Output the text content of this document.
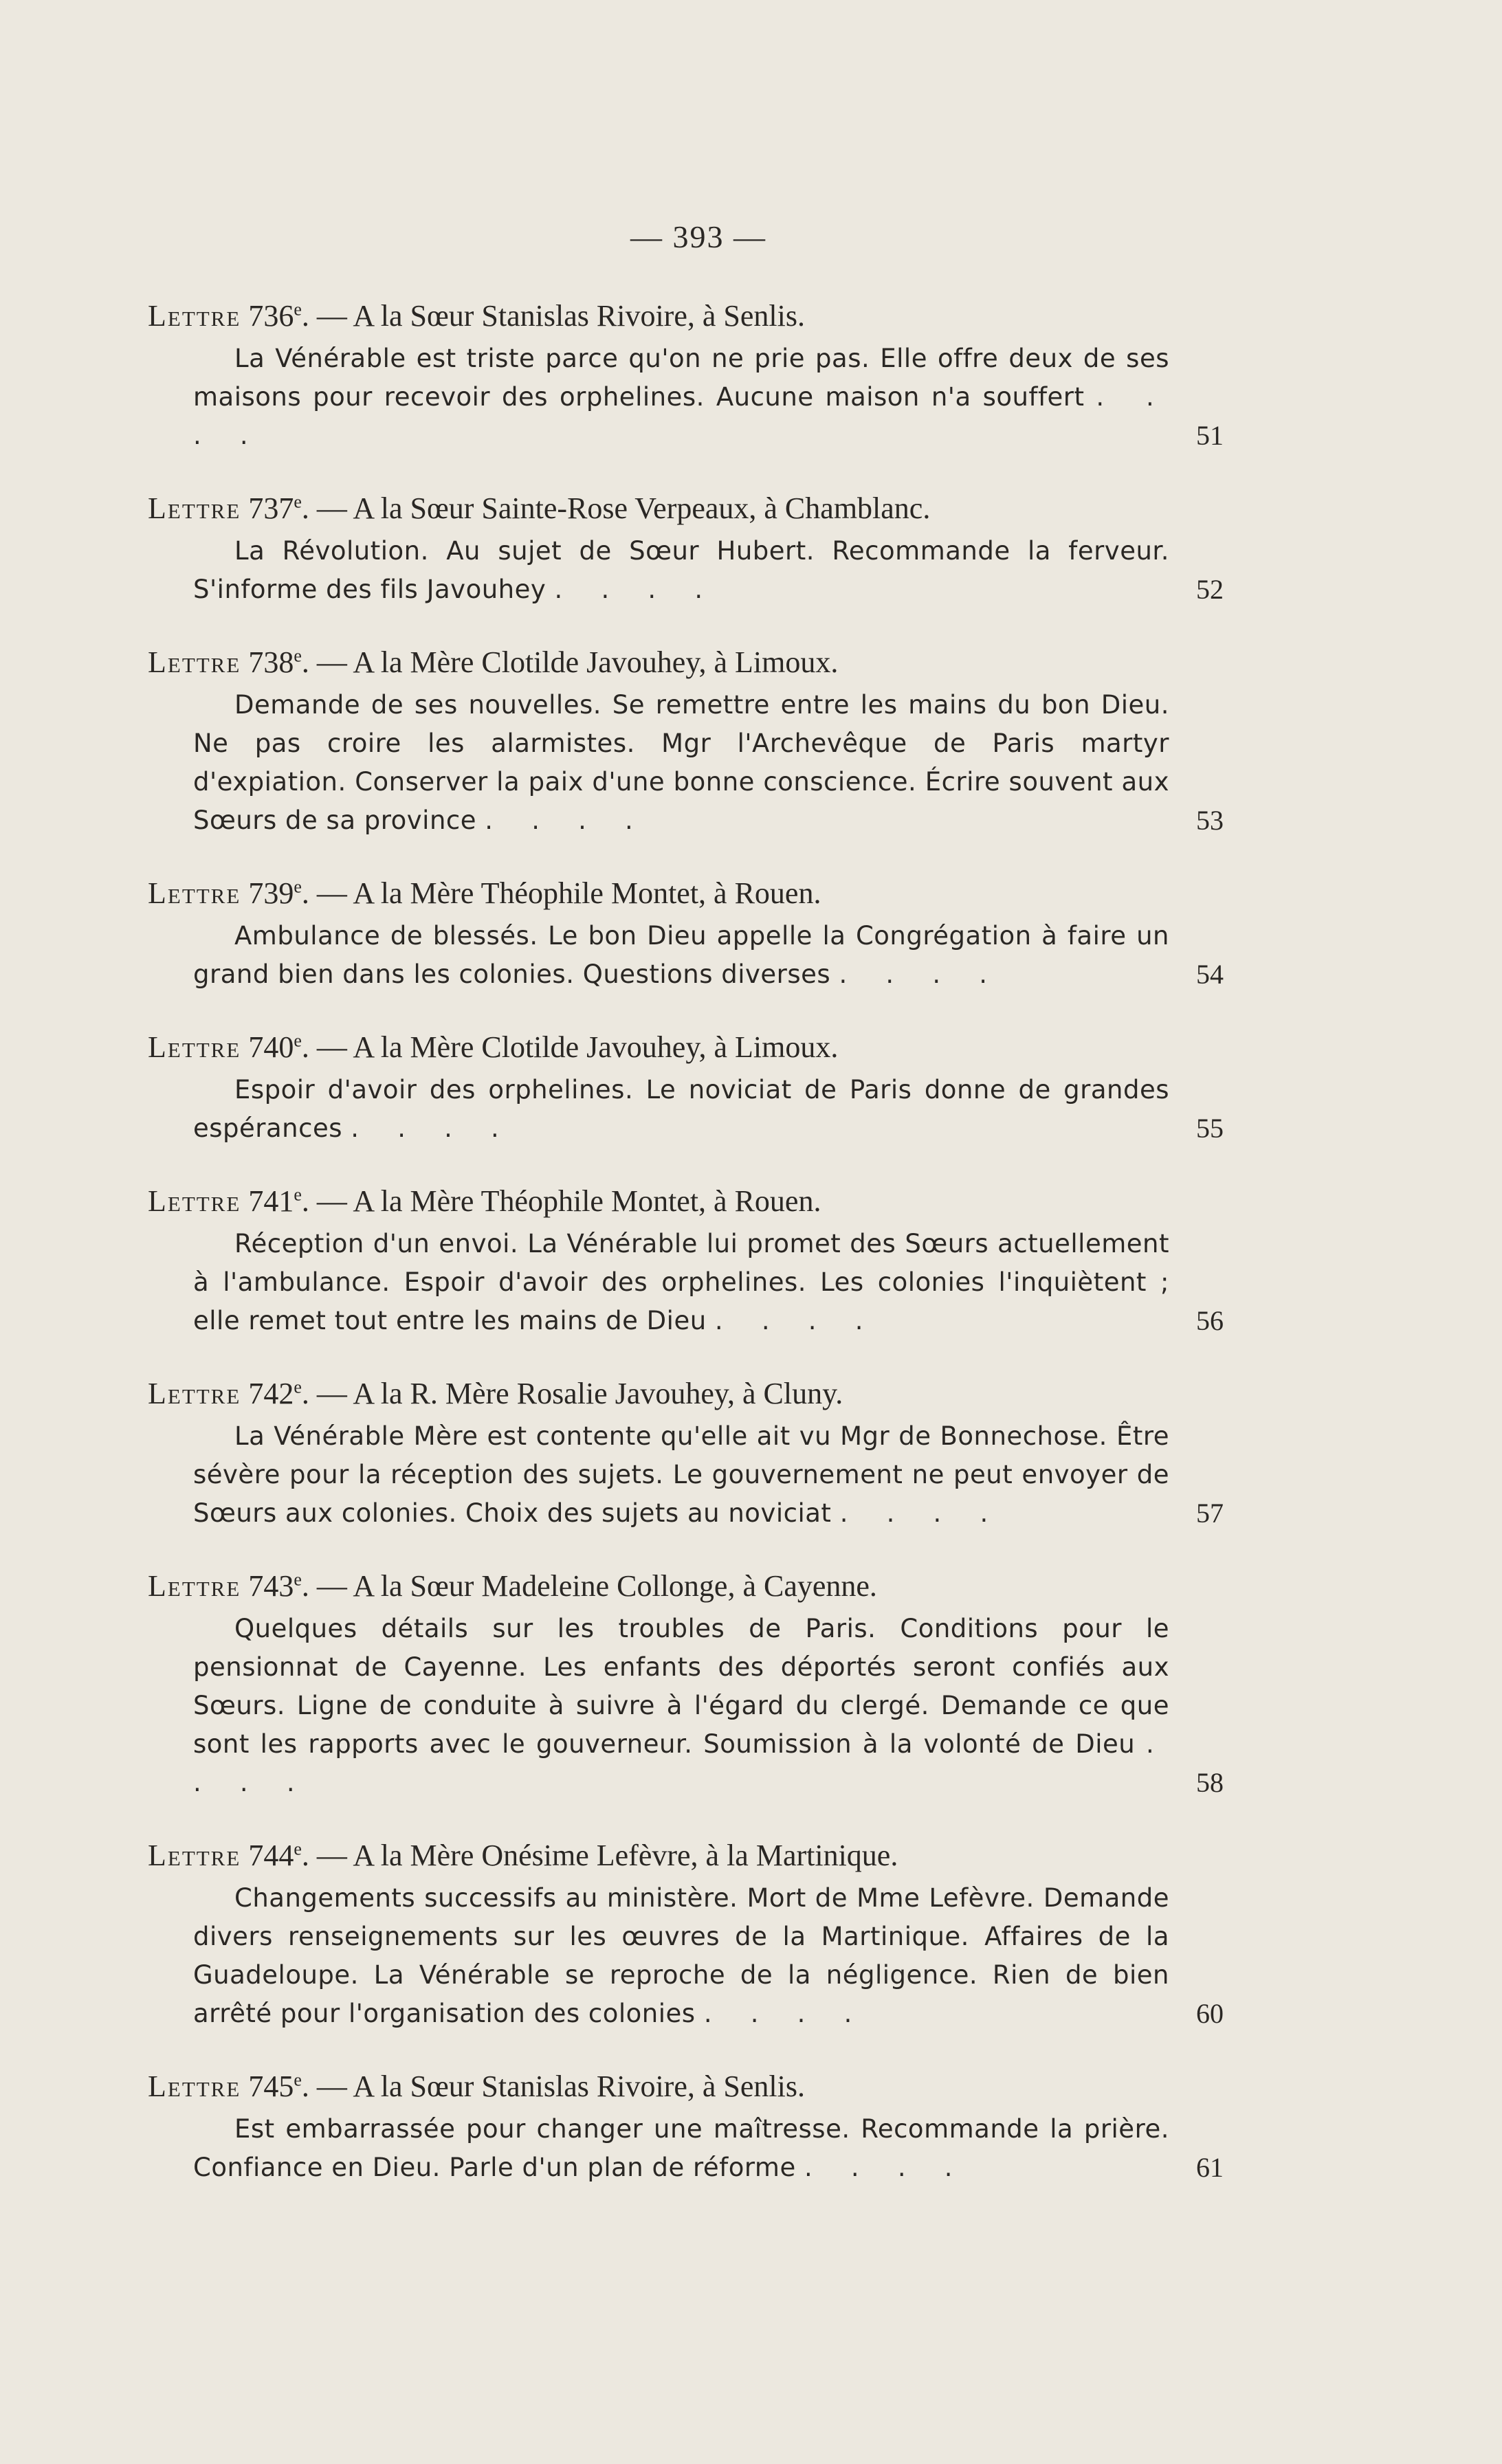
— 393 —
Lettre 736e. — A la Sœur Stanislas Rivoire, à Senlis.
La Vénérable est triste parce qu'on ne prie pas. Elle offre deux de ses maisons pour recevoir des orphelines. Aucune maison n'a souffert . . . .	51
Lettre 737e. — A la Sœur Sainte-Rose Verpeaux, à Chamblanc.
La Révolution. Au sujet de Sœur Hubert. Recommande la ferveur. S'informe des fils Javouhey . . . .	52
Lettre 738e. — A la Mère Clotilde Javouhey, à Limoux.
Demande de ses nouvelles. Se remettre entre les mains du bon Dieu. Ne pas croire les alarmistes. Mgr l'Archevêque de Paris martyr d'expiation. Conserver la paix d'une bonne conscience. Écrire souvent aux Sœurs de sa province . . . .	53
Lettre 739e. — A la Mère Théophile Montet, à Rouen.
Ambulance de blessés. Le bon Dieu appelle la Congrégation à faire un grand bien dans les colonies. Questions diverses . . . .	54
Lettre 740e. — A la Mère Clotilde Javouhey, à Limoux.
Espoir d'avoir des orphelines. Le noviciat de Paris donne de grandes espérances . . . .	55
Lettre 741e. — A la Mère Théophile Montet, à Rouen.
Réception d'un envoi. La Vénérable lui promet des Sœurs actuellement à l'ambulance. Espoir d'avoir des orphelines. Les colonies l'inquiètent ; elle remet tout entre les mains de Dieu . . . .	56
Lettre 742e. — A la R. Mère Rosalie Javouhey, à Cluny.
La Vénérable Mère est contente qu'elle ait vu Mgr de Bonnechose. Être sévère pour la réception des sujets. Le gouvernement ne peut envoyer de Sœurs aux colonies. Choix des sujets au noviciat . . . .	57
Lettre 743e. — A la Sœur Madeleine Collonge, à Cayenne.
Quelques détails sur les troubles de Paris. Conditions pour le pensionnat de Cayenne. Les enfants des déportés seront confiés aux Sœurs. Ligne de conduite à suivre à l'égard du clergé. Demande ce que sont les rapports avec le gouverneur. Soumission à la volonté de Dieu . . . .	58
Lettre 744e. — A la Mère Onésime Lefèvre, à la Martinique.
Changements successifs au ministère. Mort de Mme Lefèvre. Demande divers renseignements sur les œuvres de la Martinique. Affaires de la Guadeloupe. La Vénérable se reproche de la négligence. Rien de bien arrêté pour l'organisation des colonies . . . .	60
Lettre 745e. — A la Sœur Stanislas Rivoire, à Senlis.
Est embarrassée pour changer une maîtresse. Recommande la prière. Confiance en Dieu. Parle d'un plan de réforme . . . .	61
